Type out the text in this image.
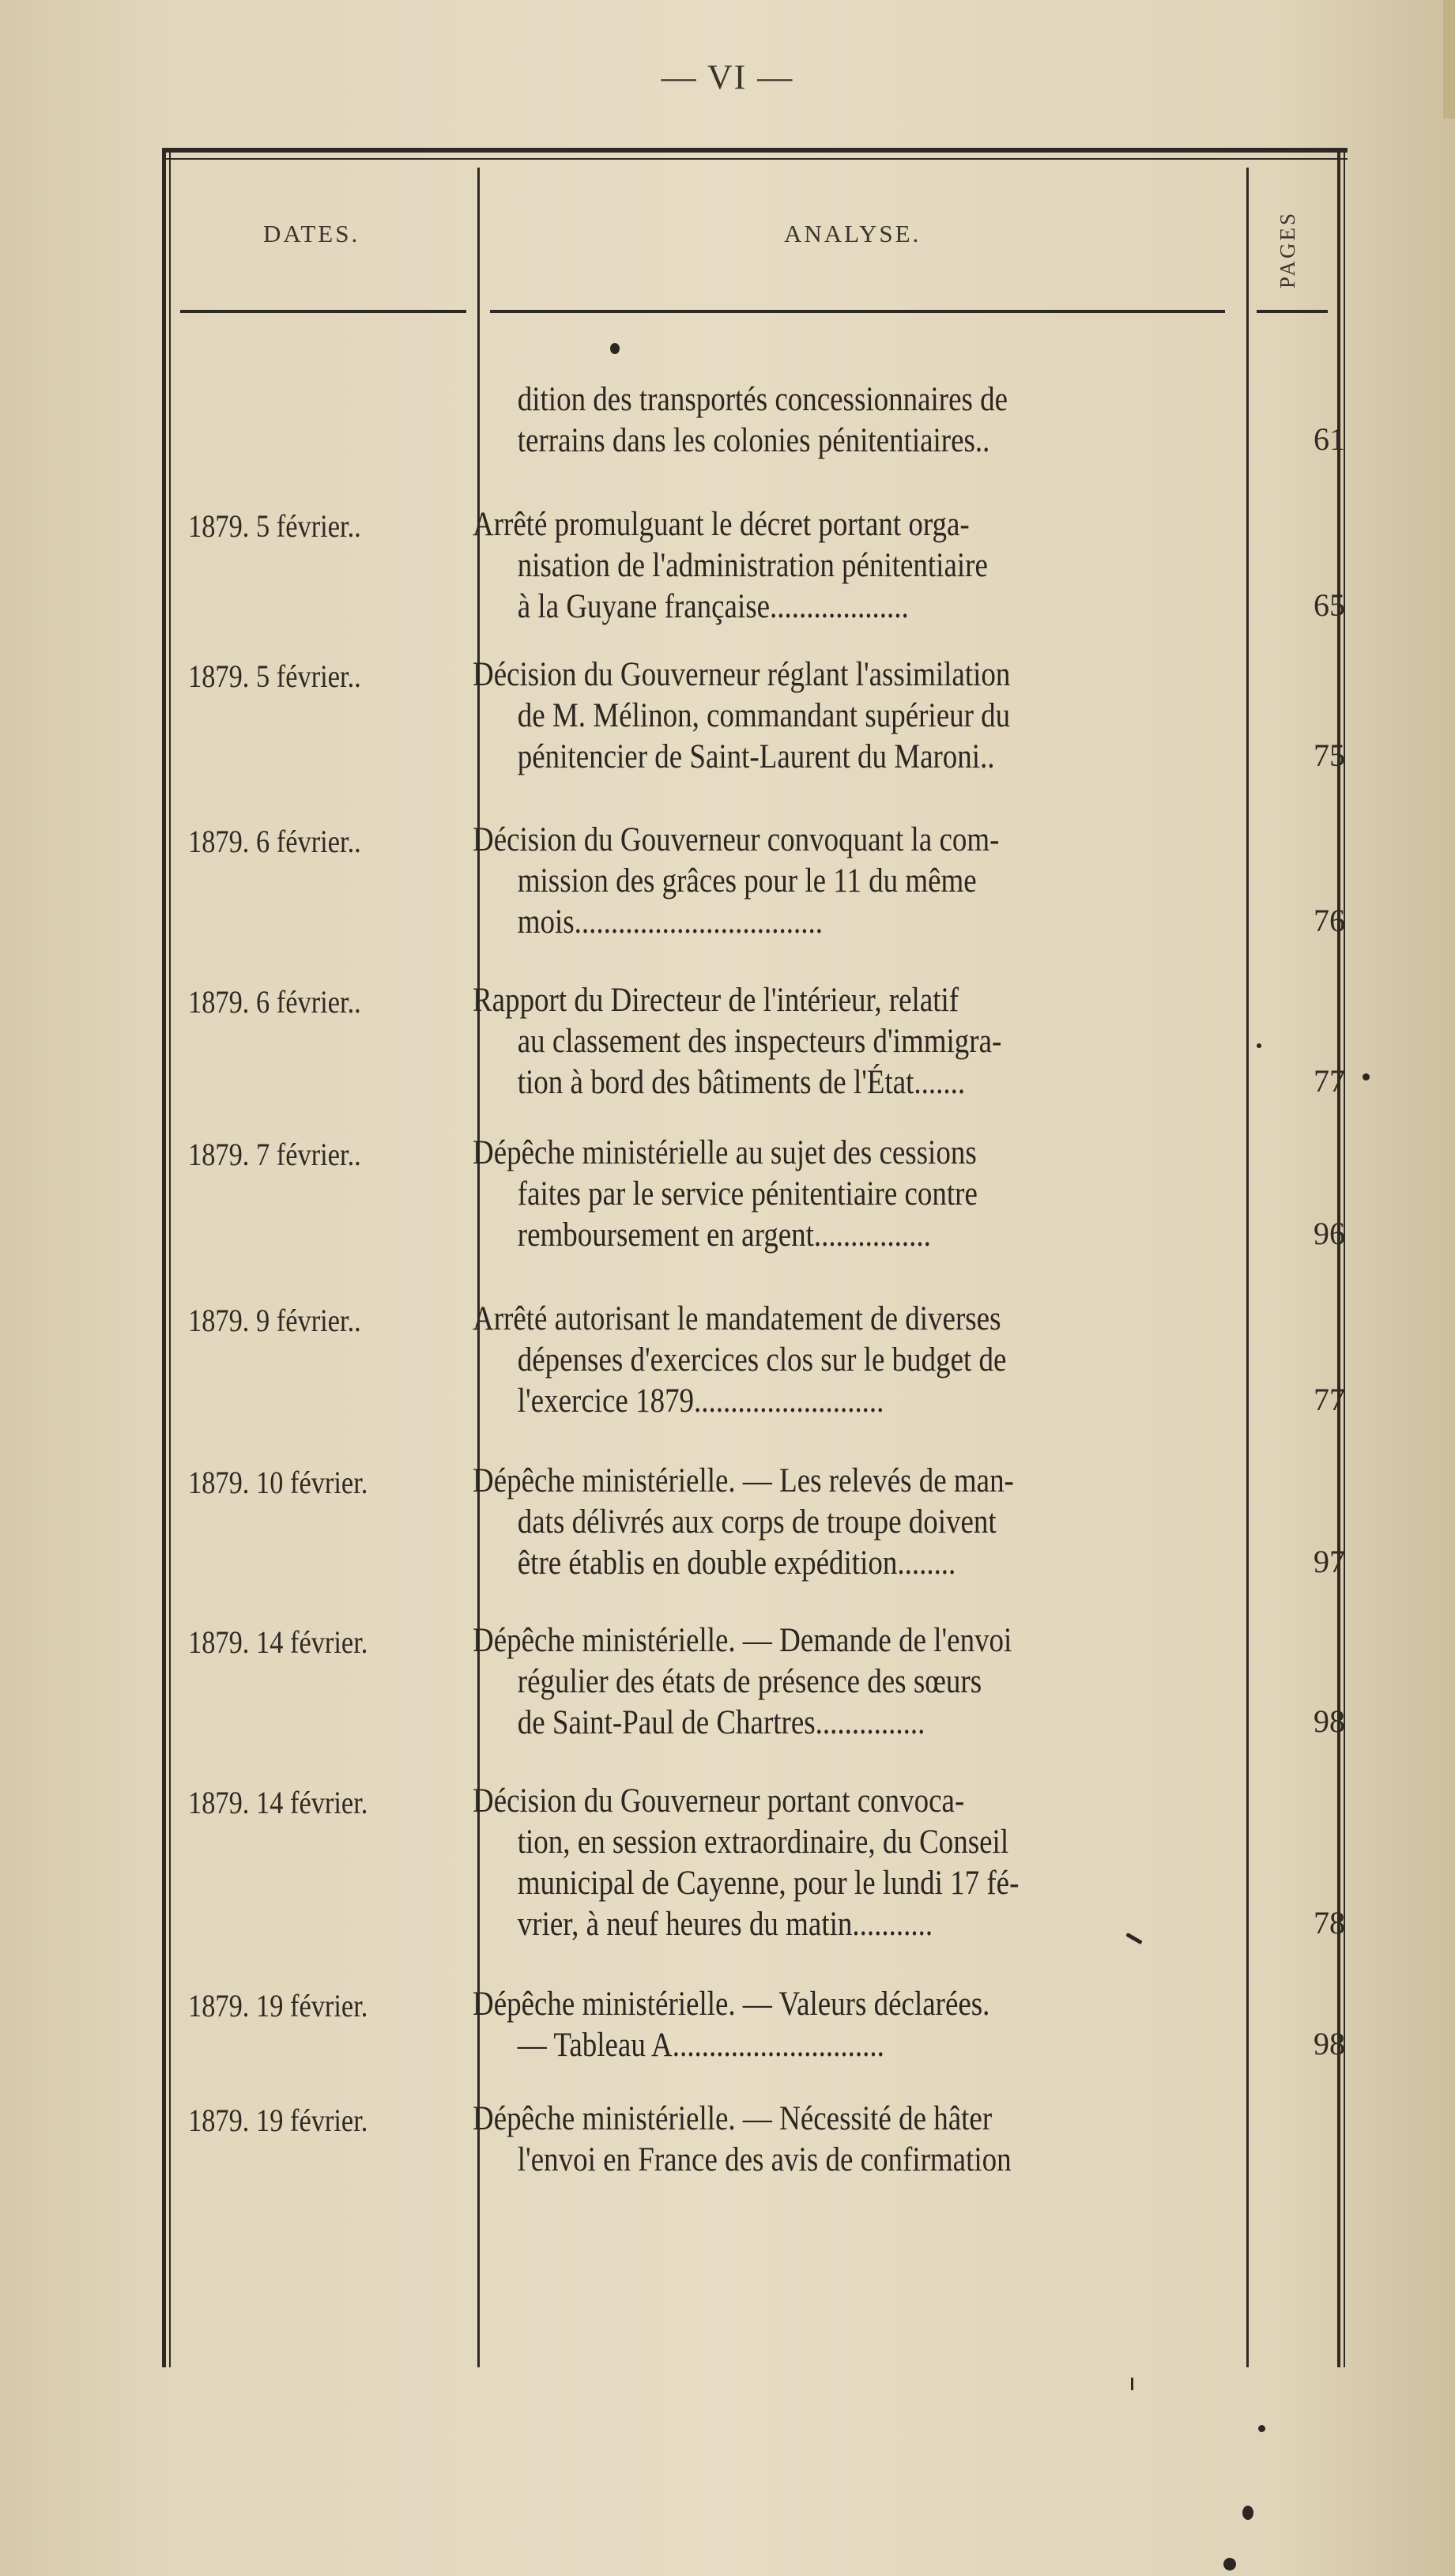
— VI —
DATES.	ANALYSE.	PAGES
dition des transportés concessionnaires de
terrains dans les colonies pénitentiaires..	61
1879. 5 février..	Arrêté promulguant le décret portant orga-
nisation de l'administration pénitentiaire
à la Guyane française...................	65
1879. 5 février..	Décision du Gouverneur réglant l'assimilation
de M. Mélinon, commandant supérieur du
pénitencier de Saint-Laurent du Maroni..	75
1879. 6 février..	Décision du Gouverneur convoquant la com-
mission des grâces pour le 11 du même
mois..................................	76
1879. 6 février..	Rapport du Directeur de l'intérieur, relatif
au classement des inspecteurs d'immigra-
tion à bord des bâtiments de l'État.......	77
1879. 7 février..	Dépêche ministérielle au sujet des cessions
faites par le service pénitentiaire contre
remboursement en argent................	96
1879. 9 février..	Arrêté autorisant le mandatement de diverses
dépenses d'exercices clos sur le budget de
l'exercice 1879..........................	77
1879. 10 février.	Dépêche ministérielle. — Les relevés de man-
dats délivrés aux corps de troupe doivent
être établis en double expédition........	97
1879. 14 février.	Dépêche ministérielle. — Demande de l'envoi
régulier des états de présence des sœurs
de Saint-Paul de Chartres...............	98
1879. 14 février.	Décision du Gouverneur portant convoca-
tion, en session extraordinaire, du Conseil
municipal de Cayenne, pour le lundi 17 fé-
vrier, à neuf heures du matin...........	78
1879. 19 février.	Dépêche ministérielle. — Valeurs déclarées.
— Tableau A.............................	98
1879. 19 février.	Dépêche ministérielle. — Nécessité de hâter
l'envoi en France des avis de confirmation
